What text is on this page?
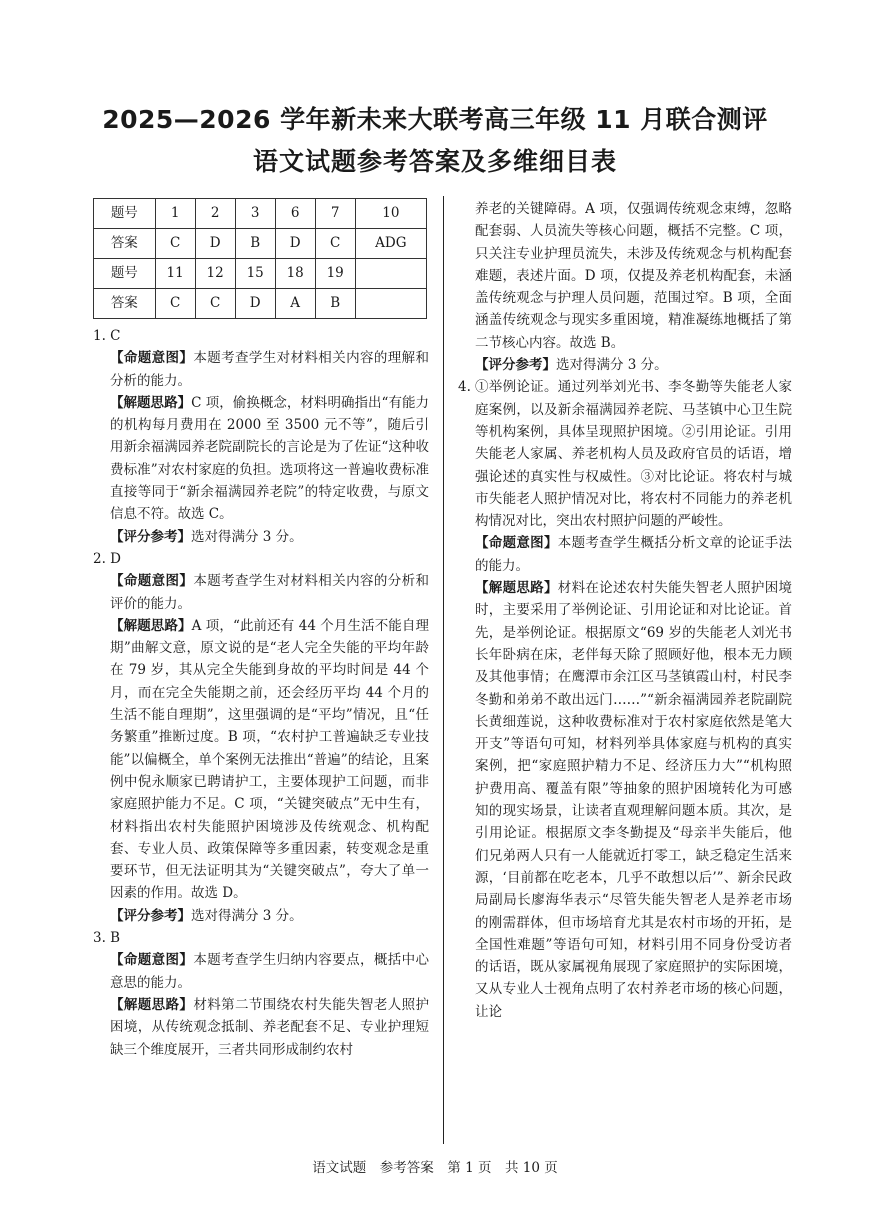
2025—2026 学年新未来大联考高三年级 11 月联合测评
语文试题参考答案及多维细目表
题号	1	2	3	6	7	10
答案	C	D	B	D	C	ADG
题号	11	12	15	18	19	
答案	C	C	D	A	B	

1. C

【命题意图】本题考查学生对材料相关内容的理解和分析的能力。

【解题思路】C 项，偷换概念，材料明确指出“有能力的机构每月费用在 2000 至 3500 元不等”，随后引用新余福满园养老院副院长的言论是为了佐证“这种收费标准”对农村家庭的负担。选项将这一普遍收费标准直接等同于“新余福满园养老院”的特定收费，与原文信息不符。故选 C。

【评分参考】选对得满分 3 分。

2. D

【命题意图】本题考查学生对材料相关内容的分析和评价的能力。

【解题思路】A 项，“此前还有 44 个月生活不能自理期”曲解文意，原文说的是“老人完全失能的平均年龄在 79 岁，其从完全失能到身故的平均时间是 44 个月，而在完全失能期之前，还会经历平均 44 个月的生活不能自理期”，这里强调的是“平均”情况，且“任务繁重”推断过度。B 项，“农村护工普遍缺乏专业技能”以偏概全，单个案例无法推出“普遍”的结论，且案例中倪永顺家已聘请护工，主要体现护工问题，而非家庭照护能力不足。C 项，“关键突破点”无中生有，材料指出农村失能照护困境涉及传统观念、机构配套、专业人员、政策保障等多重因素，转变观念是重要环节，但无法证明其为“关键突破点”，夸大了单一因素的作用。故选 D。

【评分参考】选对得满分 3 分。

3. B

【命题意图】本题考查学生归纳内容要点，概括中心意思的能力。

【解题思路】材料第二节围绕农村失能失智老人照护困境，从传统观念抵制、养老配套不足、专业护理短缺三个维度展开，三者共同形成制约农村

养老的关键障碍。A 项，仅强调传统观念束缚，忽略配套弱、人员流失等核心问题，概括不完整。C 项，只关注专业护理员流失，未涉及传统观念与机构配套难题，表述片面。D 项，仅提及养老机构配套，未涵盖传统观念与护理人员问题，范围过窄。B 项，全面涵盖传统观念与现实多重困境，精准凝练地概括了第二节核心内容。故选 B。

【评分参考】选对得满分 3 分。

4. ①举例论证。通过列举刘光书、李冬勤等失能老人家庭案例，以及新余福满园养老院、马茎镇中心卫生院等机构案例，具体呈现照护困境。②引用论证。引用失能老人家属、养老机构人员及政府官员的话语，增强论述的真实性与权威性。③对比论证。将农村与城市失能老人照护情况对比，将农村不同能力的养老机构情况对比，突出农村照护问题的严峻性。

【命题意图】本题考查学生概括分析文章的论证手法的能力。

【解题思路】材料在论述农村失能失智老人照护困境时，主要采用了举例论证、引用论证和对比论证。首先，是举例论证。根据原文“69 岁的失能老人刘光书长年卧病在床，老伴每天除了照顾好他，根本无力顾及其他事情；在鹰潭市余江区马茎镇霞山村，村民李冬勤和弟弟不敢出远门……”“新余福满园养老院副院长黄细莲说，这种收费标准对于农村家庭依然是笔大开支”等语句可知，材料列举具体家庭与机构的真实案例，把“家庭照护精力不足、经济压力大”“机构照护费用高、覆盖有限”等抽象的照护困境转化为可感知的现实场景，让读者直观理解问题本质。其次，是引用论证。根据原文李冬勤提及“母亲半失能后，他们兄弟两人只有一人能就近打零工，缺乏稳定生活来源，‘目前都在吃老本，几乎不敢想以后’”、新余民政局副局长廖海华表示“尽管失能失智老人是养老市场的刚需群体，但市场培育尤其是农村市场的开拓，是全国性难题”等语句可知，材料引用不同身份受访者的话语，既从家属视角展现了家庭照护的实际困境，又从专业人士视角点明了农村养老市场的核心问题，让论

语文试题　参考答案　第 1 页　共 10 页
